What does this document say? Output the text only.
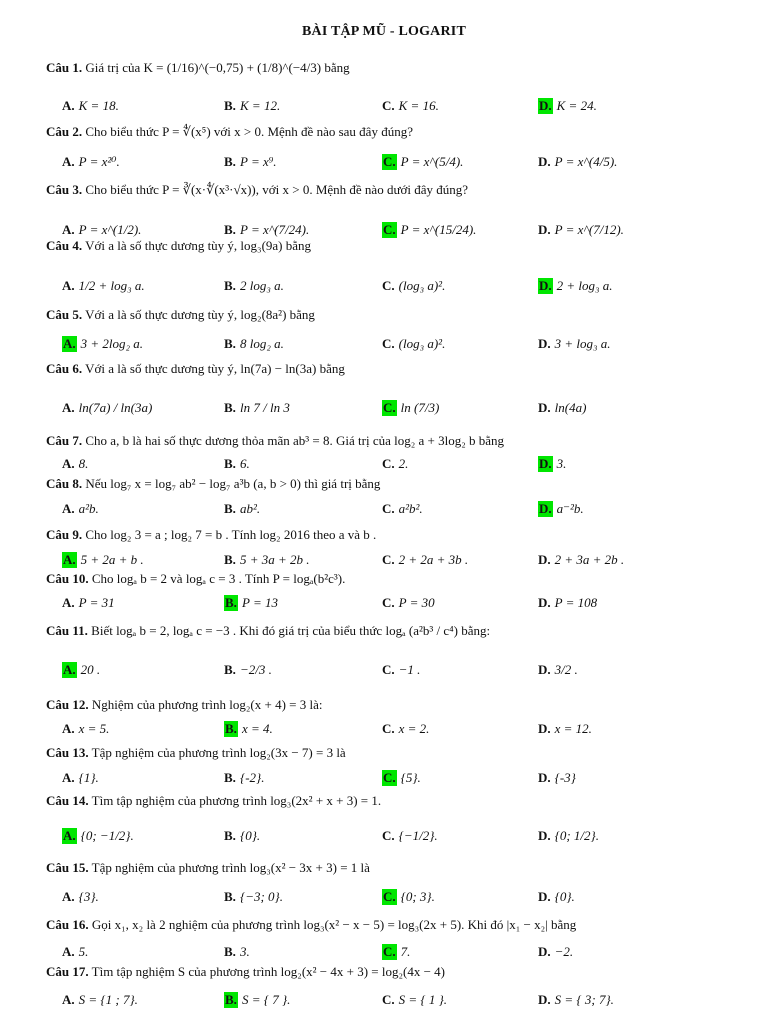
BÀI TẬP MŨ - LOGARIT
Câu 1. Giá trị của K = (1/16)^(−0,75) + (1/8)^(−4/3) bằng
A. K = 18.	B. K = 12.	C. K = 16.	D. K = 24.
Câu 2. Cho biểu thức P = ∜(x⁵) với x > 0. Mệnh đề nào sau đây đúng?
A. P = x²⁰.	B. P = x⁹.	C. P = x^(5/4).	D. P = x^(4/5).
Câu 3. Cho biểu thức P = ∛(x·∜(x³·√x)), với x > 0. Mệnh đề nào dưới đây đúng?
A. P = x^(1/2).	B. P = x^(7/24).	C. P = x^(15/24).	D. P = x^(7/12).
Câu 4. Với a là số thực dương tùy ý, log₃(9a) bằng
A. 1/2 + log₃ a.	B. 2 log₃ a.	C. (log₃ a)².	D. 2 + log₃ a.
Câu 5. Với a là số thực dương tùy ý, log₂(8a²) bằng
A. 3 + 2log₂ a.	B. 8 log₂ a.	C. (log₃ a)².	D. 3 + log₃ a.
Câu 6. Với a là số thực dương tùy ý, ln(7a) − ln(3a) bằng
A. ln(7a) / ln(3a)	B. ln 7 / ln 3	C. ln (7/3)	D. ln(4a)
Câu 7. Cho a, b là hai số thực dương thỏa mãn ab³ = 8. Giá trị của log₂ a + 3log₂ b bằng
A. 8.	B. 6.	C. 2.	D. 3.
Câu 8. Nếu log₇ x = log₇ ab² − log₇ a³b (a, b > 0) thì giá trị bằng
A. a²b.	B. ab².	C. a²b².	D. a⁻²b.
Câu 9. Cho log₂ 3 = a ; log₂ 7 = b . Tính log₂ 2016 theo a và b .
A. 5 + 2a + b .	B. 5 + 3a + 2b .	C. 2 + 2a + 3b .	D. 2 + 3a + 2b .
Câu 10. Cho logₐ b = 2 và logₐ c = 3 . Tính P = logₐ(b²c³).
A. P = 31	B. P = 13	C. P = 30	D. P = 108
Câu 11. Biết logₐ b = 2, logₐ c = −3 . Khi đó giá trị của biểu thức logₐ (a²b³ / c⁴) bằng:
A. 20 .	B. −2/3 .	C. −1 .	D. 3/2 .
Câu 12. Nghiệm của phương trình log₂(x + 4) = 3 là:
A. x = 5.	B. x = 4.	C. x = 2.	D. x = 12.
Câu 13. Tập nghiệm của phương trình log₂(3x − 7) = 3 là
A. {1}.	B. {-2}.	C. {5}.	D. {-3}
Câu 14. Tìm tập nghiệm của phương trình log₃(2x² + x + 3) = 1.
A. {0; −1/2}.	B. {0}.	C. {−1/2}.	D. {0; 1/2}.
Câu 15. Tập nghiệm của phương trình log₃(x² − 3x + 3) = 1 là
A. {3}.	B. {−3; 0}.	C. {0; 3}.	D. {0}.
Câu 16. Gọi x₁, x₂ là 2 nghiệm của phương trình log₃(x² − x − 5) = log₃(2x + 5). Khi đó |x₁ − x₂| bằng
A. 5.	B. 3.	C. 7.	D. −2.
Câu 17. Tìm tập nghiệm S của phương trình log₂(x² − 4x + 3) = log₂(4x − 4)
A. S = {1 ; 7}.	B. S = { 7 }.	C. S = { 1 }.	D. S = { 3; 7}.
